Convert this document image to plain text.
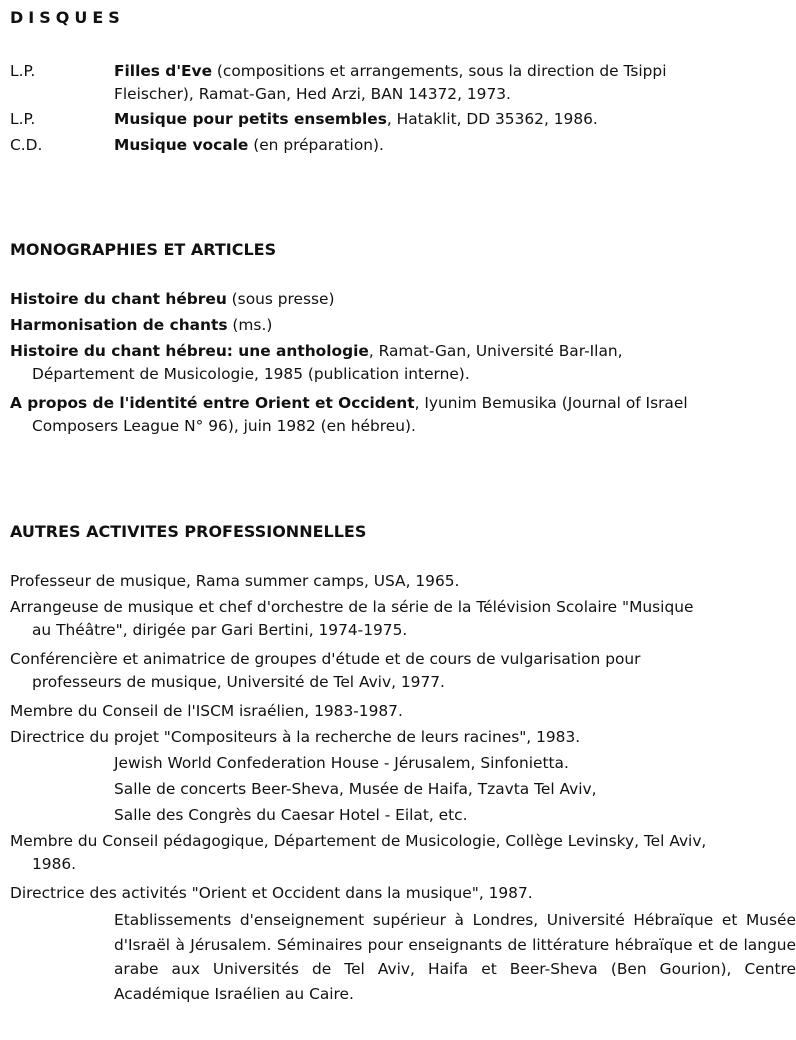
DISQUES
L.P.	Filles d'Eve (compositions et arrangements, sous la direction de Tsippi Fleischer), Ramat-Gan, Hed Arzi, BAN 14372, 1973.
L.P.	Musique pour petits ensembles, Hataklit, DD 35362, 1986.
C.D.	Musique vocale (en préparation).
MONOGRAPHIES ET ARTICLES
Histoire du chant hébreu (sous presse)
Harmonisation de chants (ms.)
Histoire du chant hébreu: une anthologie, Ramat-Gan, Université Bar-Ilan, Département de Musicologie, 1985 (publication interne).
A propos de l'identité entre Orient et Occident, Iyunim Bemusika (Journal of Israel Composers League N° 96), juin 1982 (en hébreu).
AUTRES ACTIVITES PROFESSIONNELLES
Professeur de musique, Rama summer camps, USA, 1965.
Arrangeuse de musique et chef d'orchestre de la série de la Télévision Scolaire "Musique au Théâtre", dirigée par Gari Bertini, 1974-1975.
Conférencière et animatrice de groupes d'étude et de cours de vulgarisation pour professeurs de musique, Université de Tel Aviv, 1977.
Membre du Conseil de l'ISCM israélien, 1983-1987.
Directrice du projet "Compositeurs à la recherche de leurs racines", 1983.
Jewish World Confederation House - Jérusalem, Sinfonietta.
Salle de concerts Beer-Sheva, Musée de Haifa, Tzavta Tel Aviv,
Salle des Congrès du Caesar Hotel - Eilat, etc.
Membre du Conseil pédagogique, Département de Musicologie, Collège Levinsky, Tel Aviv, 1986.
Directrice des activités "Orient et Occident dans la musique", 1987.
Etablissements d'enseignement supérieur à Londres, Université Hébraïque et Musée d'Israël à Jérusalem. Séminaires pour enseignants de littérature hébraïque et de langue arabe aux Universités de Tel Aviv, Haifa et Beer-Sheva (Ben Gourion), Centre Académique Israélien au Caire.
